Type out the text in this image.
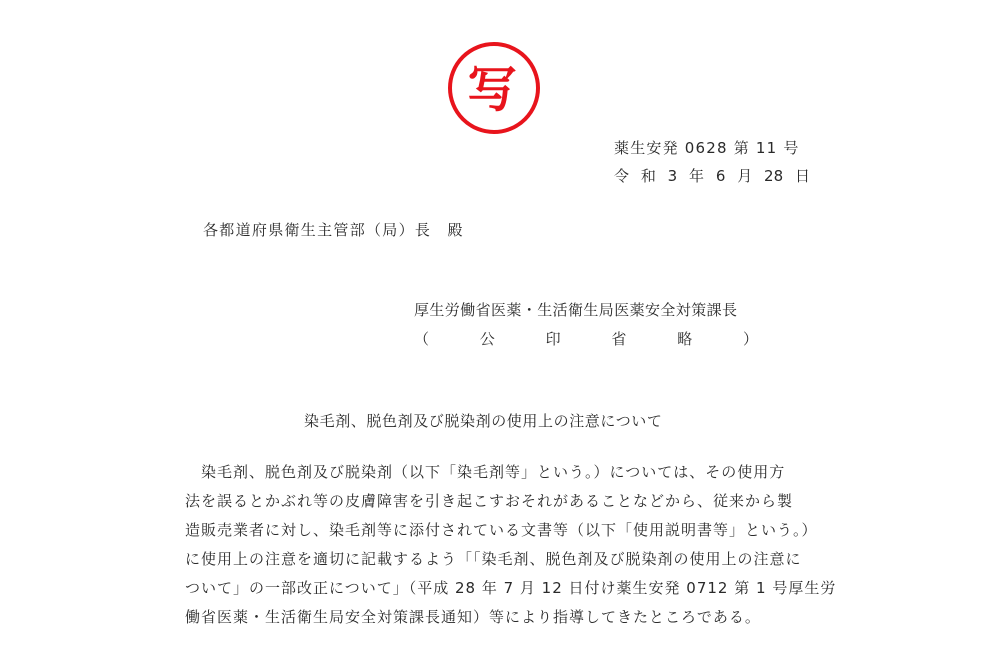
写
薬生安発 0628 第 11 号
令 和 3 年 6 月 28 日
各都道府県衛生主管部（局）長　殿
厚生労働省医薬・生活衛生局医薬安全対策課長
（	公	印	省	略	）
染毛剤、脱色剤及び脱染剤の使用上の注意について
　染毛剤、脱色剤及び脱染剤（以下「染毛剤等」という。）については、その使用方
法を誤るとかぶれ等の皮膚障害を引き起こすおそれがあることなどから、従来から製
造販売業者に対し、染毛剤等に添付されている文書等（以下「使用説明書等」という。）
に使用上の注意を適切に記載するよう「「染毛剤、脱色剤及び脱染剤の使用上の注意に
ついて」の一部改正について」（平成 28 年 7 月 12 日付け薬生安発 0712 第 1 号厚生労
働省医薬・生活衛生局安全対策課長通知）等により指導してきたところである。
